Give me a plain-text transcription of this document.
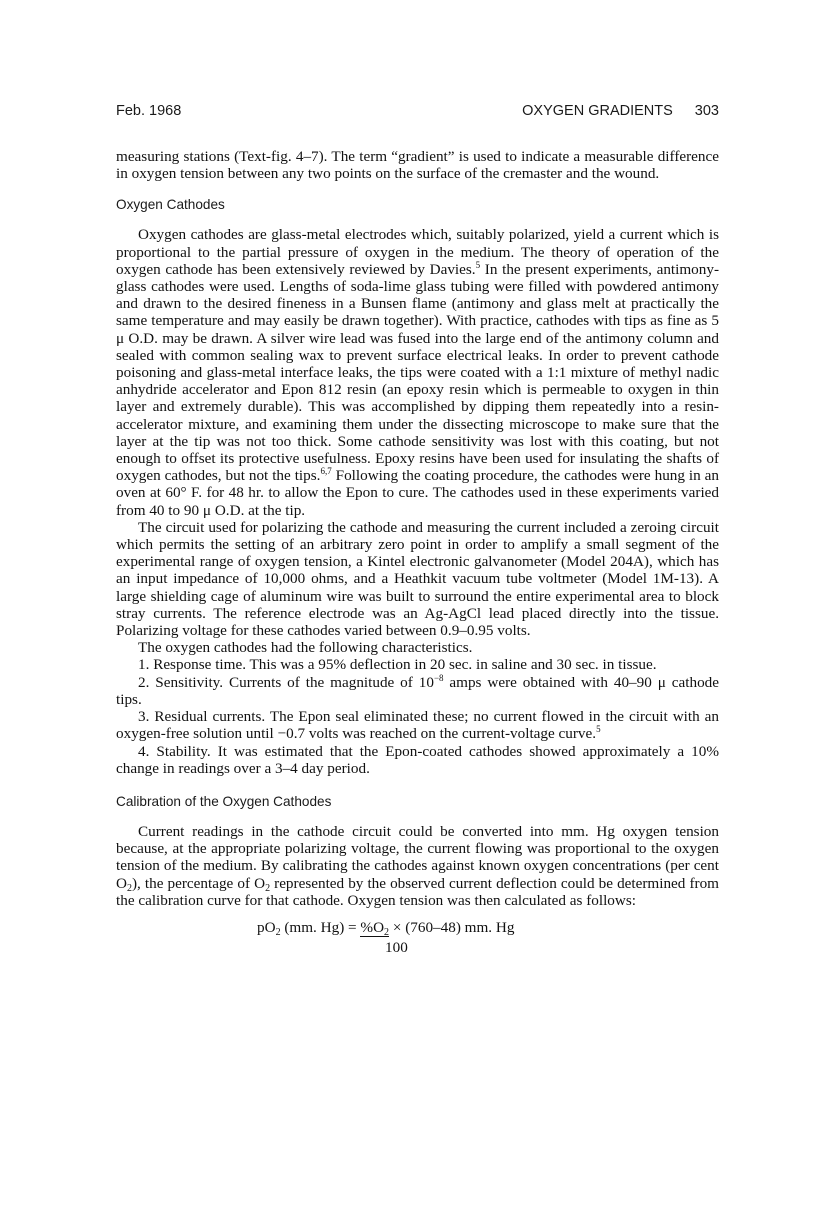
Feb. 1968	OXYGEN GRADIENTS 303

measuring stations (Text-fig. 4–7). The term “gradient” is used to indicate a measurable difference in oxygen tension between any two points on the surface of the cremaster and the wound.

Oxygen Cathodes

Oxygen cathodes are glass-metal electrodes which, suitably polarized, yield a current which is proportional to the partial pressure of oxygen in the medium. The theory of operation of the oxygen cathode has been extensively reviewed by Davies.$^5$ In the present experiments, antimony-glass cathodes were used. Lengths of soda-lime glass tubing were filled with powdered antimony and drawn to the desired fineness in a Bunsen flame (antimony and glass melt at practically the same temperature and may easily be drawn together). With practice, cathodes with tips as fine as 5 μ O.D. may be drawn. A silver wire lead was fused into the large end of the antimony column and sealed with common sealing wax to prevent surface electrical leaks. In order to prevent cathode poisoning and glass-metal interface leaks, the tips were coated with a 1:1 mixture of methyl nadic anhydride accelerator and Epon 812 resin (an epoxy resin which is permeable to oxygen in thin layer and extremely durable). This was accomplished by dipping them repeatedly into a resin-accelerator mixture, and examining them under the dissecting microscope to make sure that the layer at the tip was not too thick. Some cathode sensitivity was lost with this coating, but not enough to offset its protective usefulness. Epoxy resins have been used for insulating the shafts of oxygen cathodes, but not the tips.$^{6,7}$ Following the coating procedure, the cathodes were hung in an oven at 60° F. for 48 hr. to allow the Epon to cure. The cathodes used in these experiments varied from 40 to 90 μ O.D. at the tip.

The circuit used for polarizing the cathode and measuring the current included a zeroing circuit which permits the setting of an arbitrary zero point in order to amplify a small segment of the experimental range of oxygen tension, a Kintel electronic galvanometer (Model 204A), which has an input impedance of 10,000 ohms, and a Heathkit vacuum tube voltmeter (Model 1M-13). A large shielding cage of aluminum wire was built to surround the entire experimental area to block stray currents. The reference electrode was an Ag-AgCl lead placed directly into the tissue. Polarizing voltage for these cathodes varied between 0.9–0.95 volts.

The oxygen cathodes had the following characteristics.

1. Response time. This was a 95% deflection in 20 sec. in saline and 30 sec. in tissue.

2. Sensitivity. Currents of the magnitude of $10^{-8}$ amps were obtained with 40–90 μ cathode tips.

3. Residual currents. The Epon seal eliminated these; no current flowed in the circuit with an oxygen-free solution until −0.7 volts was reached on the current-voltage curve.$^5$

4. Stability. It was estimated that the Epon-coated cathodes showed approximately a 10% change in readings over a 3–4 day period.

Calibration of the Oxygen Cathodes

Current readings in the cathode circuit could be converted into mm. Hg oxygen tension because, at the appropriate polarizing voltage, the current flowing was proportional to the oxygen tension of the medium. By calibrating the cathodes against known oxygen concentrations (per cent $O_2$), the percentage of $O_2$ represented by the observed current deflection could be determined from the calibration curve for that cathode. Oxygen tension was then calculated as follows:

$pO_2$ (mm. $Hg) = \%O_2 \times (760-48)$ mm. Hg
100
